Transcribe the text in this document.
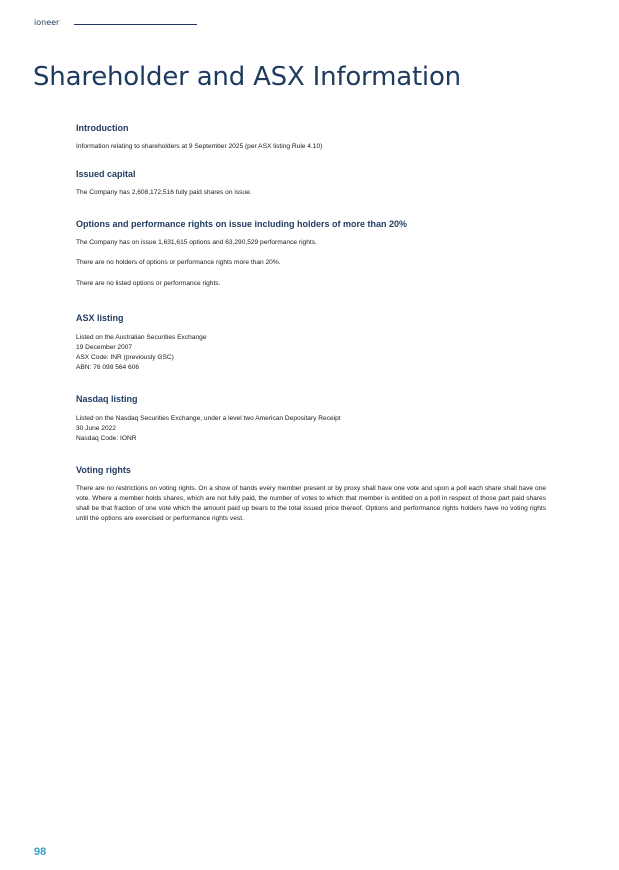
ioneer
Shareholder and ASX Information
Introduction

Information relating to shareholders at 9 September 2025 (per ASX listing Rule 4.10)

Issued capital

The Company has 2,608,172,516 fully paid shares on issue.

Options and performance rights on issue including holders of more than 20%

The Company has on issue 1,631,615 options and 63,290,529 performance rights.

There are no holders of options or performance rights more than 20%.

There are no listed options or performance rights.

ASX listing

Listed on the Australian Securities Exchange

19 December 2007

ASX Code: INR (previously GSC)

ABN: 76 098 564 606

Nasdaq listing

Listed on the Nasdaq Securities Exchange, under a level two American Depositary Receipt

30 June 2022

Nasdaq Code: IONR

Voting rights

There are no restrictions on voting rights. On a show of hands every member present or by proxy shall have one vote and upon a poll each share shall have one vote. Where a member holds shares, which are not fully paid, the number of votes to which that member is entitled on a poll in respect of those part paid shares shall be that fraction of one vote which the amount paid up bears to the total issued price thereof. Options and performance rights holders have no voting rights until the options are exercised or performance rights vest.

98
